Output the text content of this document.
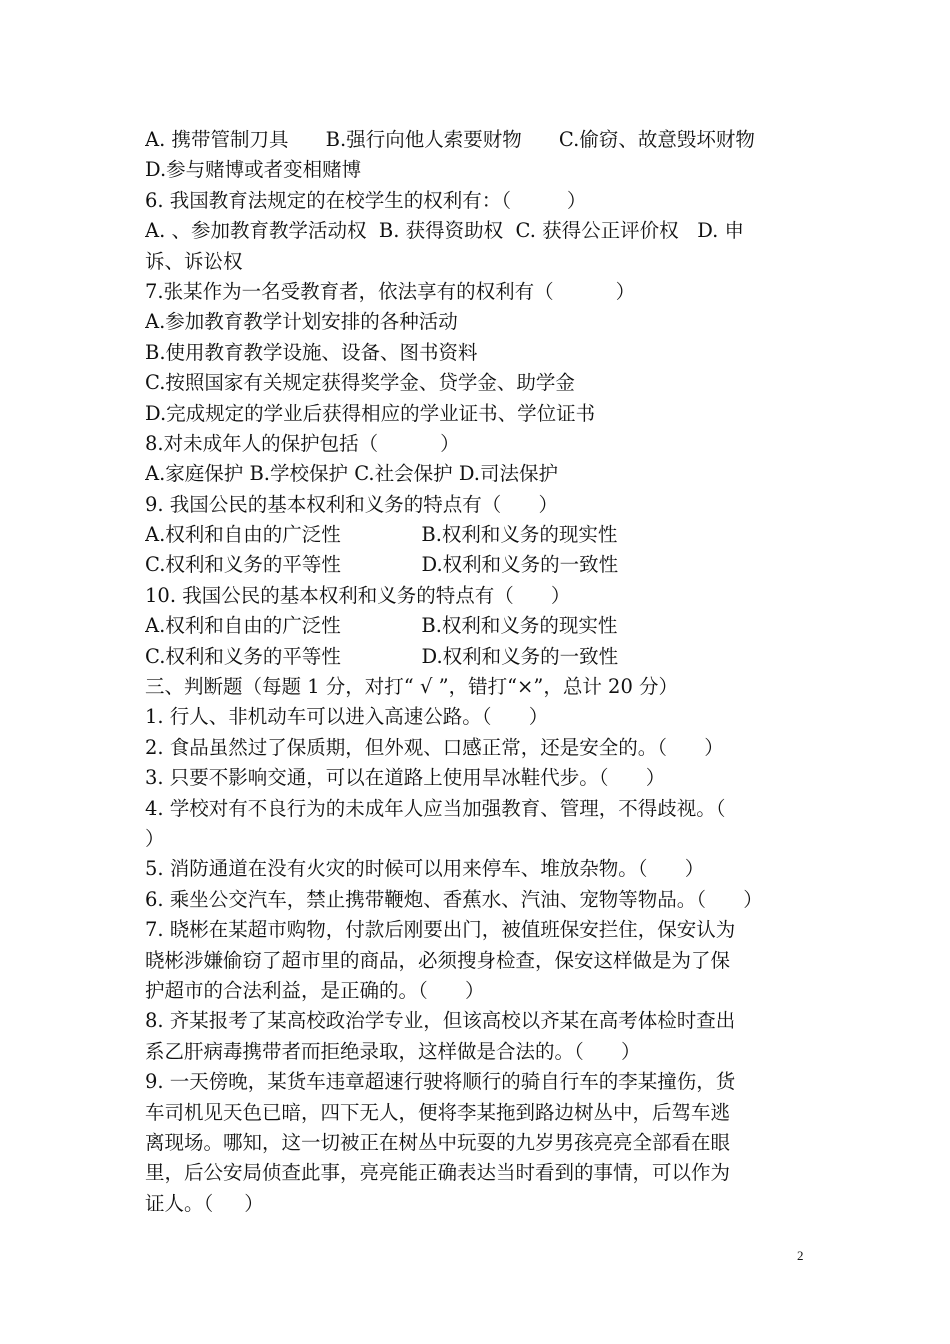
A. 携带管制刀具      B.强行向他人索要财物      C.偷窃、故意毁坏财物
D.参与赌博或者变相赌博
6. 我国教育法规定的在校学生的权利有：（         ）
A. 、参加教育教学活动权  B. 获得资助权  C. 获得公正评价权   D. 申
诉、诉讼权
7.张某作为一名受教育者，依法享有的权利有（          ）
A.参加教育教学计划安排的各种活动
B.使用教育教学设施、设备、图书资料
C.按照国家有关规定获得奖学金、贷学金、助学金
D.完成规定的学业后获得相应的学业证书、学位证书
8.对未成年人的保护包括（          ）
A.家庭保护 B.学校保护 C.社会保护 D.司法保护
9. 我国公民的基本权利和义务的特点有（      ）
A.权利和自由的广泛性             B.权利和义务的现实性
C.权利和义务的平等性             D.权利和义务的一致性
10. 我国公民的基本权利和义务的特点有（      ）
A.权利和自由的广泛性             B.权利和义务的现实性
C.权利和义务的平等性             D.权利和义务的一致性
三、判断题（每题 1 分，对打“ √ ”，错打“×”，总计 20 分）
1. 行人、非机动车可以进入高速公路。（      ）
2. 食品虽然过了保质期，但外观、口感正常，还是安全的。（      ）
3. 只要不影响交通，可以在道路上使用旱冰鞋代步。（      ）
4. 学校对有不良行为的未成年人应当加强教育、管理，不得歧视。（
）
5. 消防通道在没有火灾的时候可以用来停车、堆放杂物。（      ）
6. 乘坐公交汽车，禁止携带鞭炮、香蕉水、汽油、宠物等物品。（      ）
7. 晓彬在某超市购物，付款后刚要出门，被值班保安拦住，保安认为
晓彬涉嫌偷窃了超市里的商品，必须搜身检查，保安这样做是为了保
护超市的合法利益，是正确的。（      ）
8. 齐某报考了某高校政治学专业，但该高校以齐某在高考体检时查出
系乙肝病毒携带者而拒绝录取，这样做是合法的。（      ）
9. 一天傍晚，某货车违章超速行驶将顺行的骑自行车的李某撞伤，货
车司机见天色已暗，四下无人，便将李某拖到路边树丛中，后驾车逃
离现场。哪知，这一切被正在树丛中玩耍的九岁男孩亮亮全部看在眼
里，后公安局侦查此事，亮亮能正确表达当时看到的事情，可以作为
证人。（     ）
2
